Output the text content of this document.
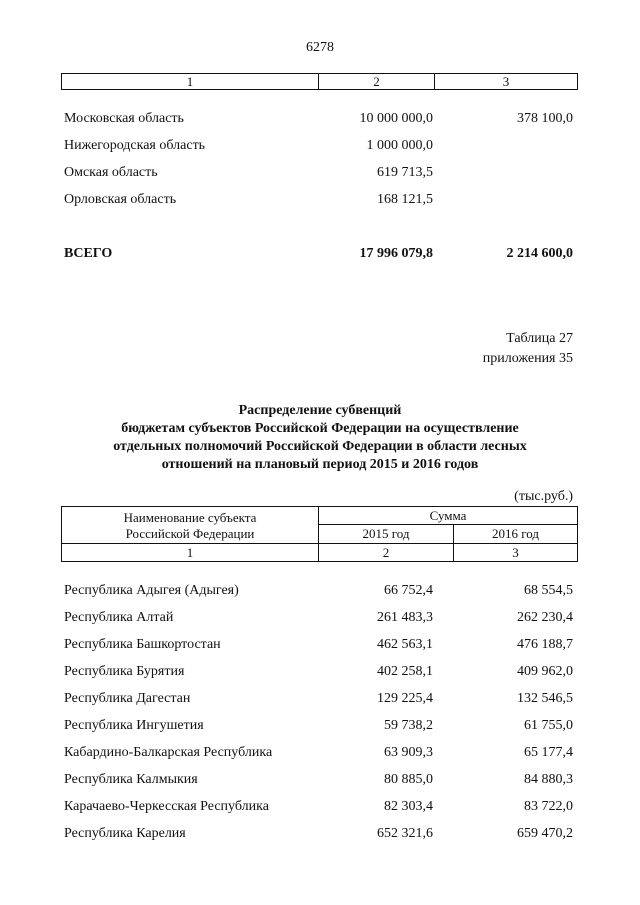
6278
1	2	3
Московская область	10 000 000,0	378 100,0
Нижегородская область	1 000 000,0
Омская область	619 713,5
Орловская область	168 121,5
ВСЕГО	17 996 079,8	2 214 600,0
Таблица 27
приложения 35
Распределение субвенций
бюджетам субъектов Российской Федерации на осуществление
отдельных полномочий Российской Федерации в области лесных
отношений на плановый период 2015 и 2016 годов
(тыс.руб.)
Наименование субъекта
Российской Федерации
Сумма
2015 год	2016 год
1	2	3
Республика Адыгея (Адыгея)	66 752,4	68 554,5
Республика Алтай	261 483,3	262 230,4
Республика Башкортостан	462 563,1	476 188,7
Республика Бурятия	402 258,1	409 962,0
Республика Дагестан	129 225,4	132 546,5
Республика Ингушетия	59 738,2	61 755,0
Кабардино-Балкарская Республика	63 909,3	65 177,4
Республика Калмыкия	80 885,0	84 880,3
Карачаево-Черкесская Республика	82 303,4	83 722,0
Республика Карелия	652 321,6	659 470,2
